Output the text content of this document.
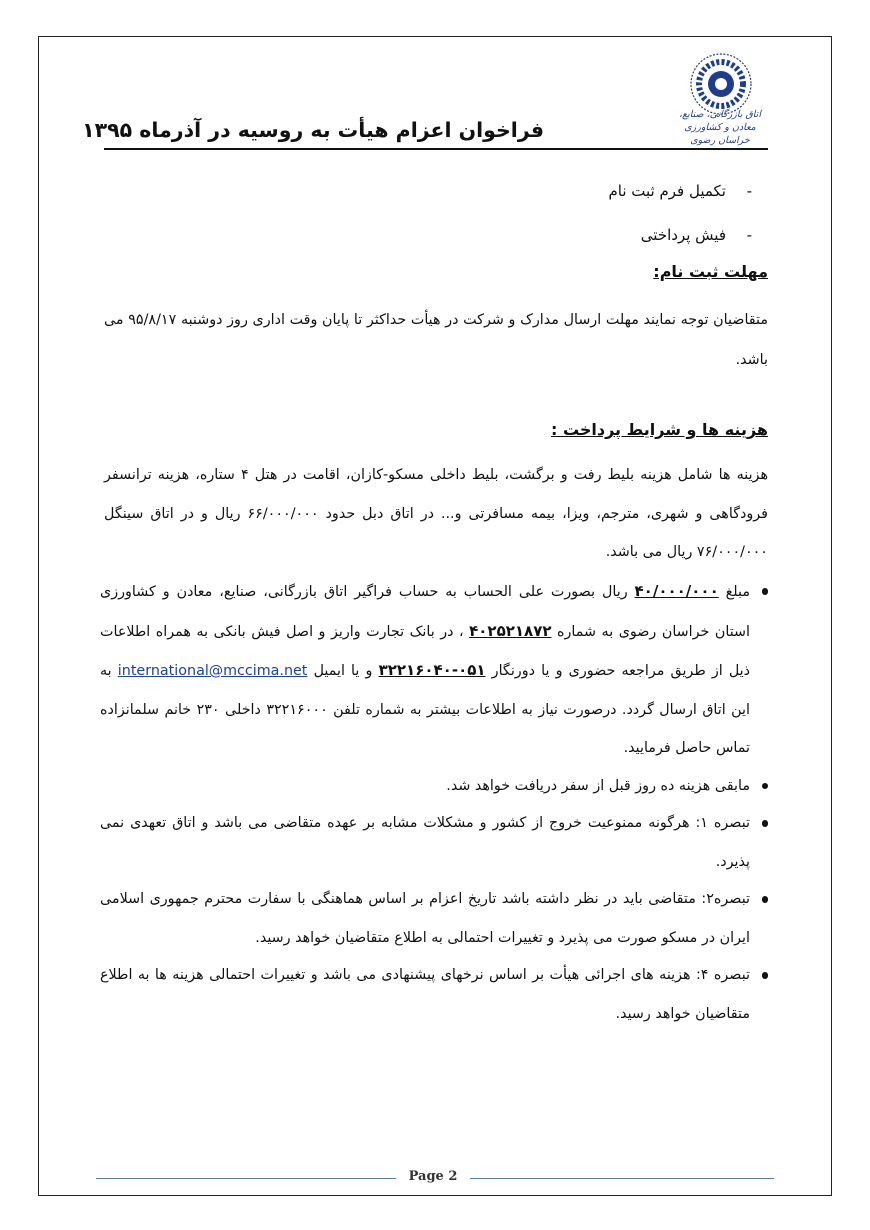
اتاق بازرگانی، صنایع، معادن و کشاورزی خراسان رضوی
فراخوان اعزام هیأت به روسیه در آذرماه ۱۳۹۵
-
تکمیل فرم ثبت نام
-
فیش پرداختی
مهلت ثبت نام:
متقاضیان توجه نمایند مهلت ارسال مدارک و شرکت در هیأت حداکثر تا پایان وقت اداری روز دوشنبه ۹۵/۸/۱۷ می باشد.
هزینه ها و شرایط پرداخت :
هزینه ها شامل هزینه بلیط رفت و برگشت، بلیط داخلی مسکو-کازان، اقامت در هتل ۴ ستاره، هزینه ترانسفر فرودگاهی و شهری، مترجم، ویزا، بیمه مسافرتی و... در اتاق دبل حدود ۶۶/۰۰۰/۰۰۰ ریال و در اتاق سینگل ۷۶/۰۰۰/۰۰۰ ریال می باشد.
مبلغ ۴۰/۰۰۰/۰۰۰ ریال بصورت علی الحساب به حساب فراگیر اتاق بازرگانی، صنایع، معادن و کشاورزی استان خراسان رضوی به شماره ۴۰۲۵۲۱۸۷۲ ، در بانک تجارت واریز و اصل فیش بانکی به همراه اطلاعات ذیل از طریق مراجعه حضوری و یا دورنگار ۰۵۱-۳۲۲۱۶۰۴۰ و یا ایمیل international@mccima.net به این اتاق ارسال گردد. درصورت نیاز به اطلاعات بیشتر به شماره تلفن ۳۲۲۱۶۰۰۰ داخلی ۲۳۰ خانم سلمانزاده تماس حاصل فرمایید.
مابقی هزینه ده روز قبل از سفر دریافت خواهد شد.
تبصره ۱: هرگونه ممنوعیت خروج از کشور و مشکلات مشابه بر عهده متقاضی می باشد و اتاق تعهدی نمی پذیرد.
تبصره۲: متقاضی باید در نظر داشته باشد تاریخ اعزام بر اساس هماهنگی با سفارت محترم جمهوری اسلامی ایران در مسکو صورت می پذیرد و تغییرات احتمالی به اطلاع متقاضیان خواهد رسید.
تبصره ۴: هزینه های اجرائی هیأت بر اساس نرخهای پیشنهادی می باشد و تغییرات احتمالی هزینه ها به اطلاع متقاضیان خواهد رسید.
Page 2
